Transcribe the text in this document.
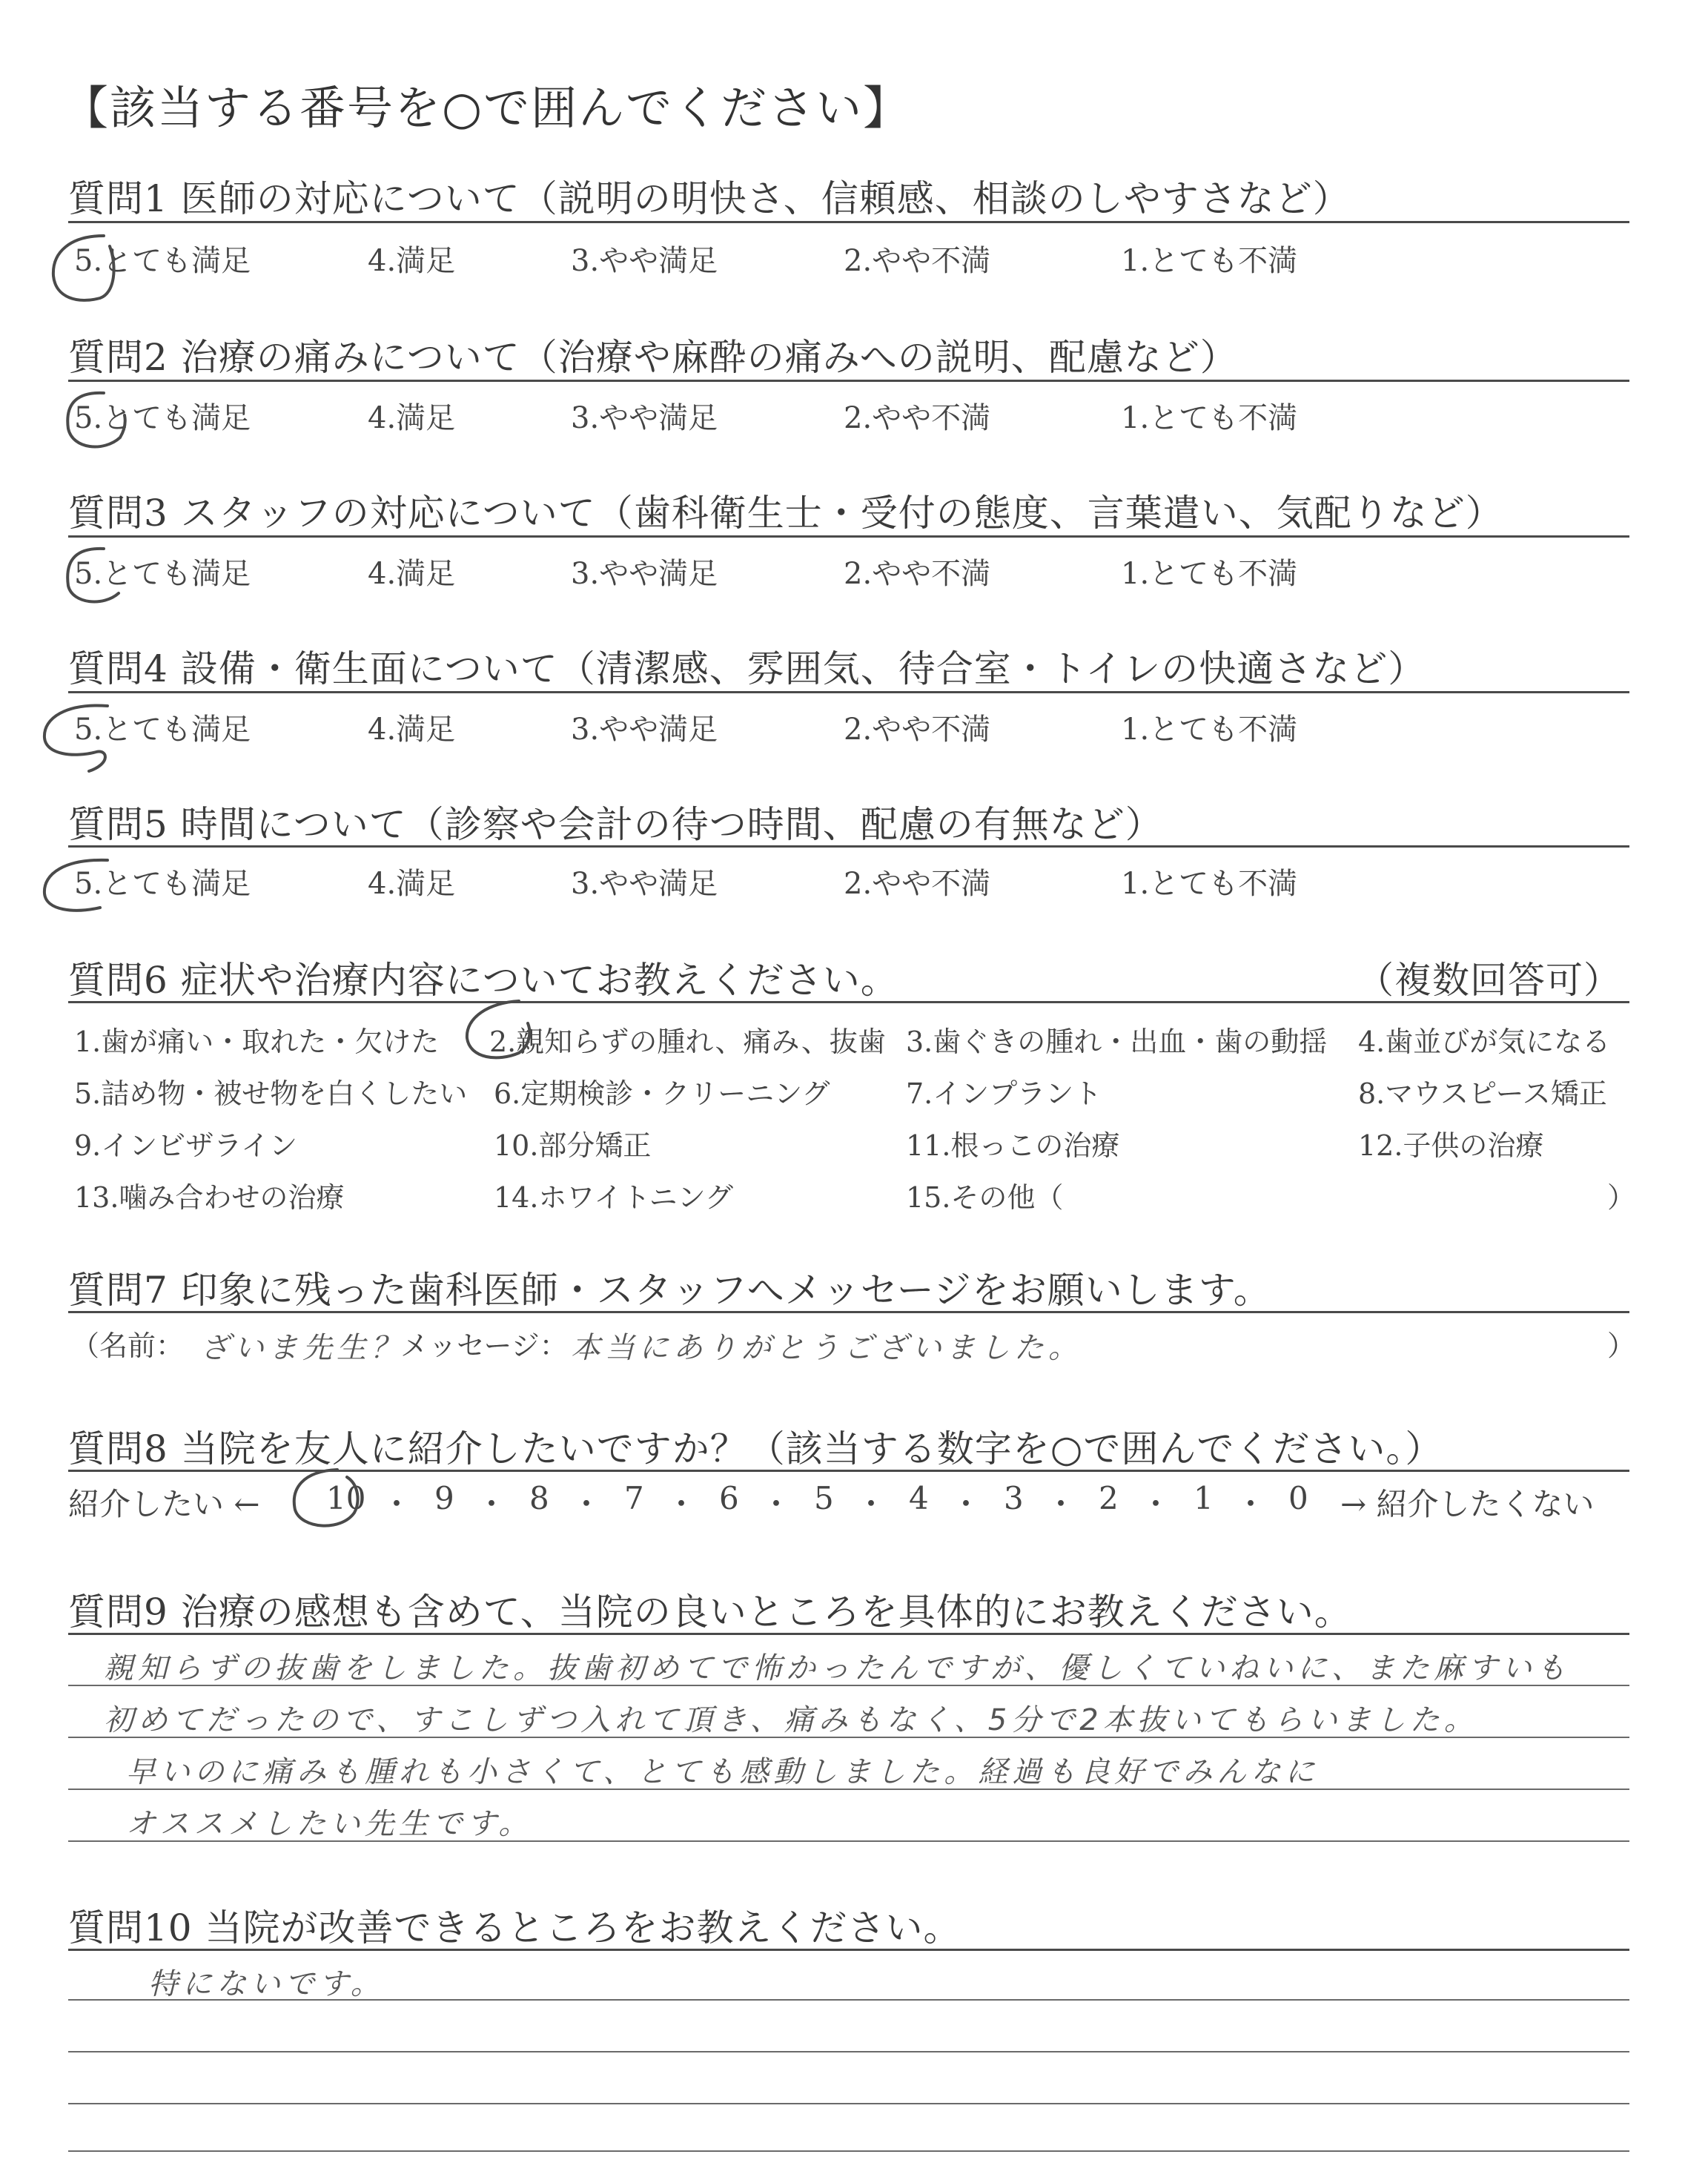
【該当する番号を○で囲んでください】
質問1 医師の対応について（説明の明快さ、信頼感、相談のしやすさなど）
5.とても満足	4.満足	3.やや満足	2.やや不満	1.とても不満
質問2 治療の痛みについて（治療や麻酔の痛みへの説明、配慮など）
5.とても満足	4.満足	3.やや満足	2.やや不満	1.とても不満
質問3 スタッフの対応について（歯科衛生士・受付の態度、言葉遣い、気配りなど）
5.とても満足	4.満足	3.やや満足	2.やや不満	1.とても不満
質問4 設備・衛生面について（清潔感、雰囲気、待合室・トイレの快適さなど）
5.とても満足	4.満足	3.やや満足	2.やや不満	1.とても不満
質問5 時間について（診察や会計の待つ時間、配慮の有無など）
5.とても満足	4.満足	3.やや満足	2.やや不満	1.とても不満
質問6 症状や治療内容についてお教えください。	（複数回答可）
1.歯が痛い・取れた・欠けた 2.親知らずの腫れ、痛み、抜歯 3.歯ぐきの腫れ・出血・歯の動揺 4.歯並びが気になる
5.詰め物・被せ物を白くしたい 6.定期検診・クリーニング	7.インプラント	8.マウスピース矯正
9.インビザライン	10.部分矯正	11.根っこの治療	12.子供の治療
13.噛み合わせの治療	14.ホワイトニング	15.その他（	）
質問7 印象に残った歯科医師・スタッフへメッセージをお願いします。
（名前： ざいま先生？
メッセージ： 本当にありがとうございました。	）
質問8 当院を友人に紹介したいですか？（該当する数字を○で囲んでください。）
紹介したい ←	→ 紹介したくない
10 ・ 9 ・ 8 ・ 7 ・ 6 ・ 5 ・ 4 ・ 3 ・ 2 ・ 1 ・ 0
質問9 治療の感想も含めて、当院の良いところを具体的にお教えください。
親知らずの抜歯をしました。抜歯初めてで怖かったんですが、優しくていねいに、また麻すいも
初めてだったので、すこしずつ入れて頂き、痛みもなく、5分で2本抜いてもらいました。
早いのに痛みも腫れも小さくて、とても感動しました。経過も良好でみんなに
オススメしたい先生です。
質問10 当院が改善できるところをお教えください。
特にないです。
